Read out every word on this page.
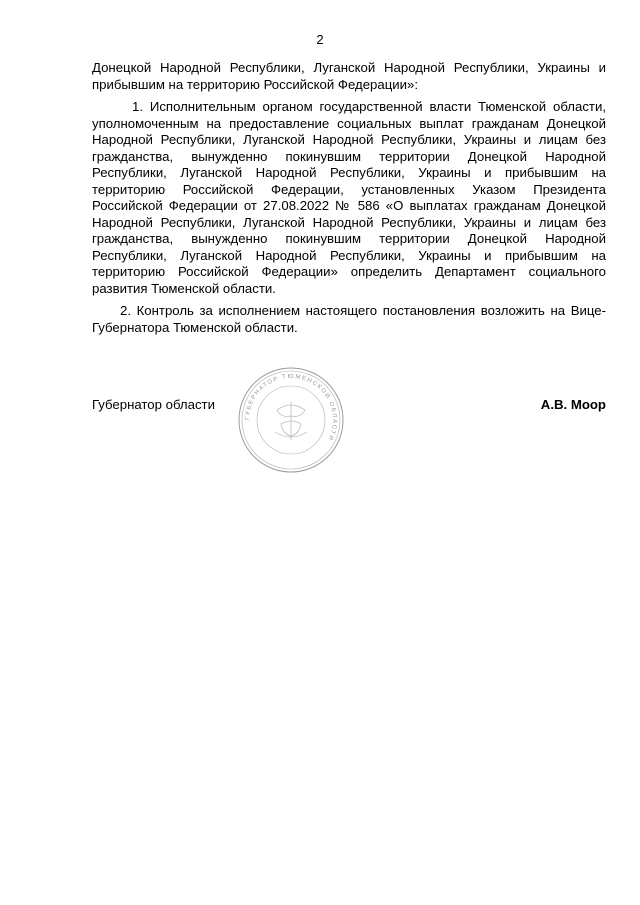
2

Донецкой Народной Республики, Луганской Народной Республики, Украины и прибывшим на территорию Российской Федерации»:

1. Исполнительным органом государственной власти Тюменской области, уполномоченным на предоставление социальных выплат гражданам Донецкой Народной Республики, Луганской Народной Республики, Украины и лицам без гражданства, вынужденно покинувшим территории Донецкой Народной Республики, Луганской Народной Республики, Украины и прибывшим на территорию Российской Федерации, установленных Указом Президента Российской Федерации от 27.08.2022 № 586 «О выплатах гражданам Донецкой Народной Республики, Луганской Народной Республики, Украины и лицам без гражданства, вынужденно покинувшим территории Донецкой Народной Республики, Луганской Народной Республики, Украины и прибывшим на территорию Российской Федерации» определить Департамент социального развития Тюменской области.

2. Контроль за исполнением настоящего постановления возложить на Вице-Губернатора Тюменской области.

Губернатор области	А.В. Моор
ГУБЕРНАТОР ТЮМЕНСКОЙ ОБЛАСТИ
